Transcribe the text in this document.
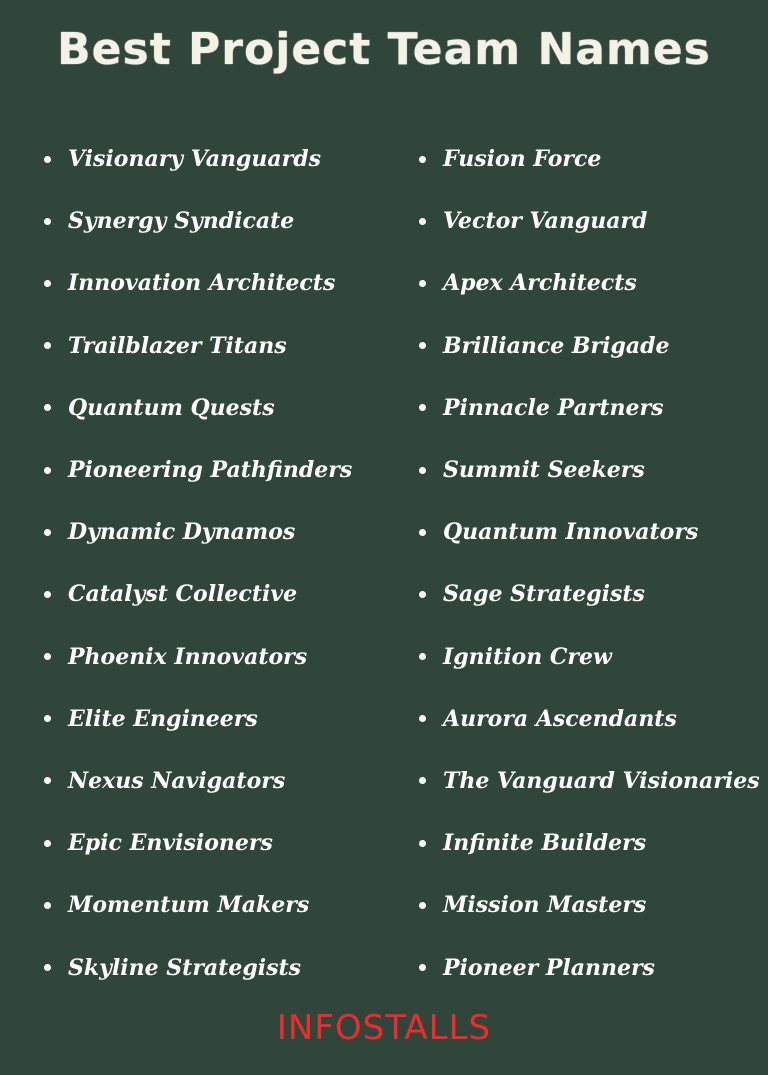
Best Project Team Names
Visionary Vanguards
Synergy Syndicate
Innovation Architects
Trailblazer Titans
Quantum Quests
Pioneering Pathfinders
Dynamic Dynamos
Catalyst Collective
Phoenix Innovators
Elite Engineers
Nexus Navigators
Epic Envisioners
Momentum Makers
Skyline Strategists
Fusion Force
Vector Vanguard
Apex Architects
Brilliance Brigade
Pinnacle Partners
Summit Seekers
Quantum Innovators
Sage Strategists
Ignition Crew
Aurora Ascendants
The Vanguard Visionaries
Infinite Builders
Mission Masters
Pioneer Planners
INFOSTALLS
